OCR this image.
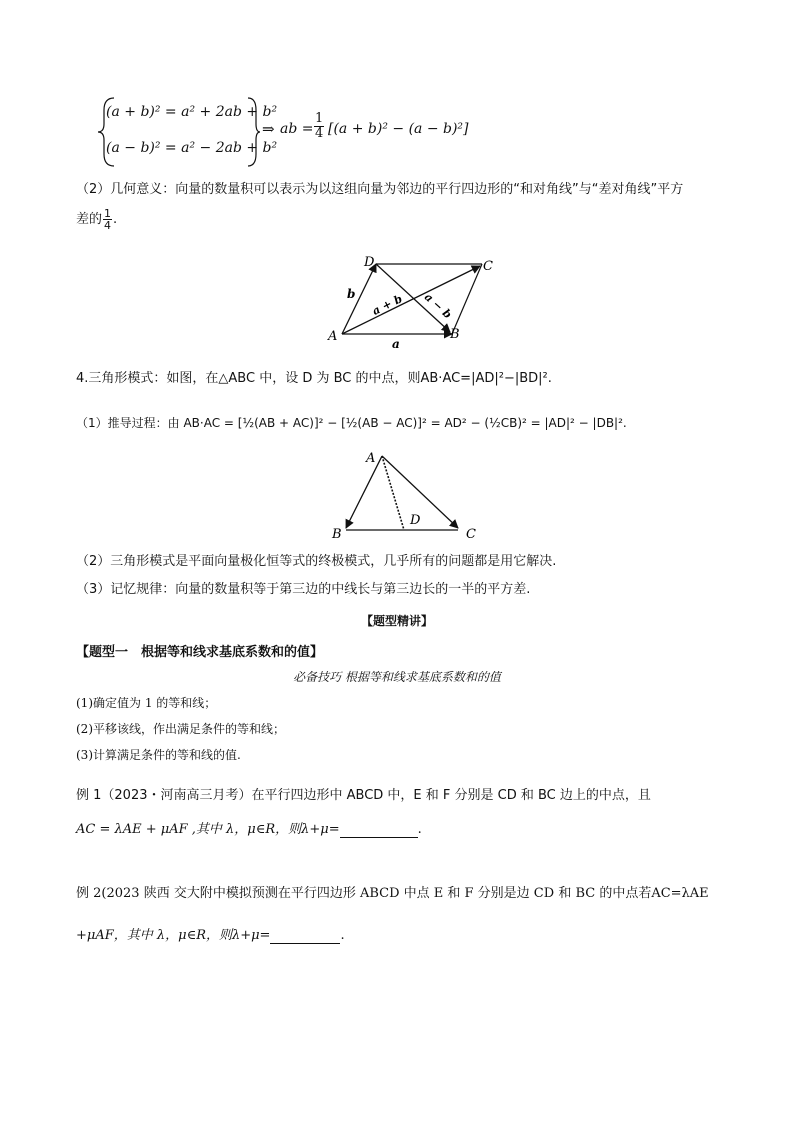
(a + b)² = a² + 2ab + b²
(a − b)² = a² − 2ab + b²
⇒ ab = $\frac{1}{4} [(a + b)^2 - (a - b)^2]$
（2）几何意义：向量的数量积可以表示为以这组向量为邻边的平行四边形的“和对角线”与“差对角线”平方
差的 $\frac{1}{4}$ .
A	B
C
D
a
b a + b a − b
4.三角形模式：如图，在△ABC 中，设 D 为 BC 的中点，则AB·AC=|AD|²−|BD|².
（1）推导过程：由 AB·AC = [½(AB + AC)]² − [½(AB − AC)]² = AD² − (½CB)² = |AD|² − |DB|².
A
B	C
D
（2）三角形模式是平面向量极化恒等式的终极模式，几乎所有的问题都是用它解决.
（3）记忆规律：向量的数量积等于第三边的中线长与第三边长的一半的平方差.
【题型精讲】
【题型一　根据等和线求基底系数和的值】
必备技巧 根据等和线求基底系数和的值
(1)确定值为 1 的等和线；
(2)平移该线，作出满足条件的等和线；
(3)计算满足条件的等和线的值.
例 1（2023・河南高三月考）在平行四边形中 ABCD 中，E 和 F 分别是 CD 和 BC 边上的中点，且
AC = λAE + μAF ,其中 λ，μ∈R，则λ+μ=	.
例 2(2023 陕西 交大附中模拟预测在平行四边形 ABCD 中点 E 和 F 分别是边 CD 和 BC 的中点若AC=λAE
+μAF，其中 λ，μ∈R，则λ+μ=	.
